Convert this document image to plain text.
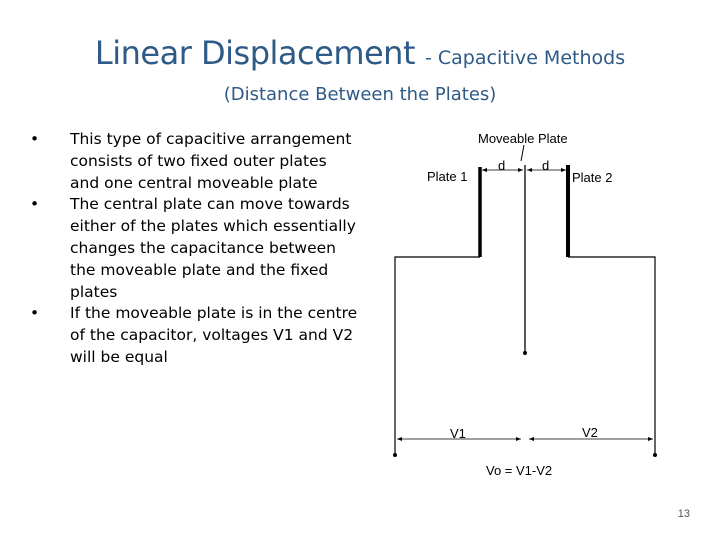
Linear Displacement - Capacitive Methods
(Distance Between the Plates)
• This type of capacitive arrangement consists of two fixed outer plates and one central moveable plate
• The central plate can move towards either of the plates which essentially changes the capacitance between the moveable plate and the fixed plates
• If the moveable plate is in the centre of the capacitor, voltages V1 and V2 will be equal
Moveable Plate
Plate 1	Plate 2
d	d
V1	V2
Vo = V1-V2
13
